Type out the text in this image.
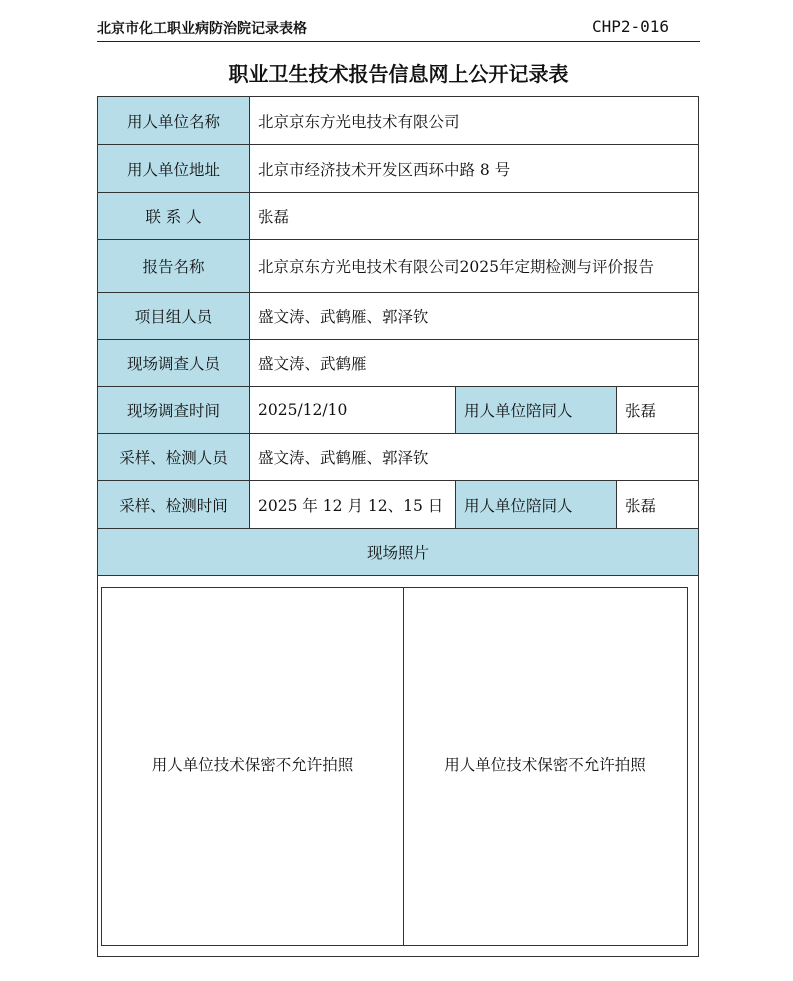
北京市化工职业病防治院记录表格	CHP2-016
职业卫生技术报告信息网上公开记录表
用人单位名称	北京京东方光电技术有限公司		
用人单位地址	北京市经济技术开发区西环中路 8 号		
联 系 人	张磊		
报告名称	北京京东方光电技术有限公司2025年定期检测与评价报告		
项目组人员	盛文涛、武鹤雁、郭泽钦		
现场调查人员	盛文涛、武鹤雁		
现场调查时间	2025/12/10	用人单位陪同人	张磊
采样、检测人员	盛文涛、武鹤雁、郭泽钦		
采样、检测时间	2025 年 12 月 12、15 日	用人单位陪同人	张磊
现场照片			

用人单位技术保密不允许拍照 用人单位技术保密不允许拍照			
